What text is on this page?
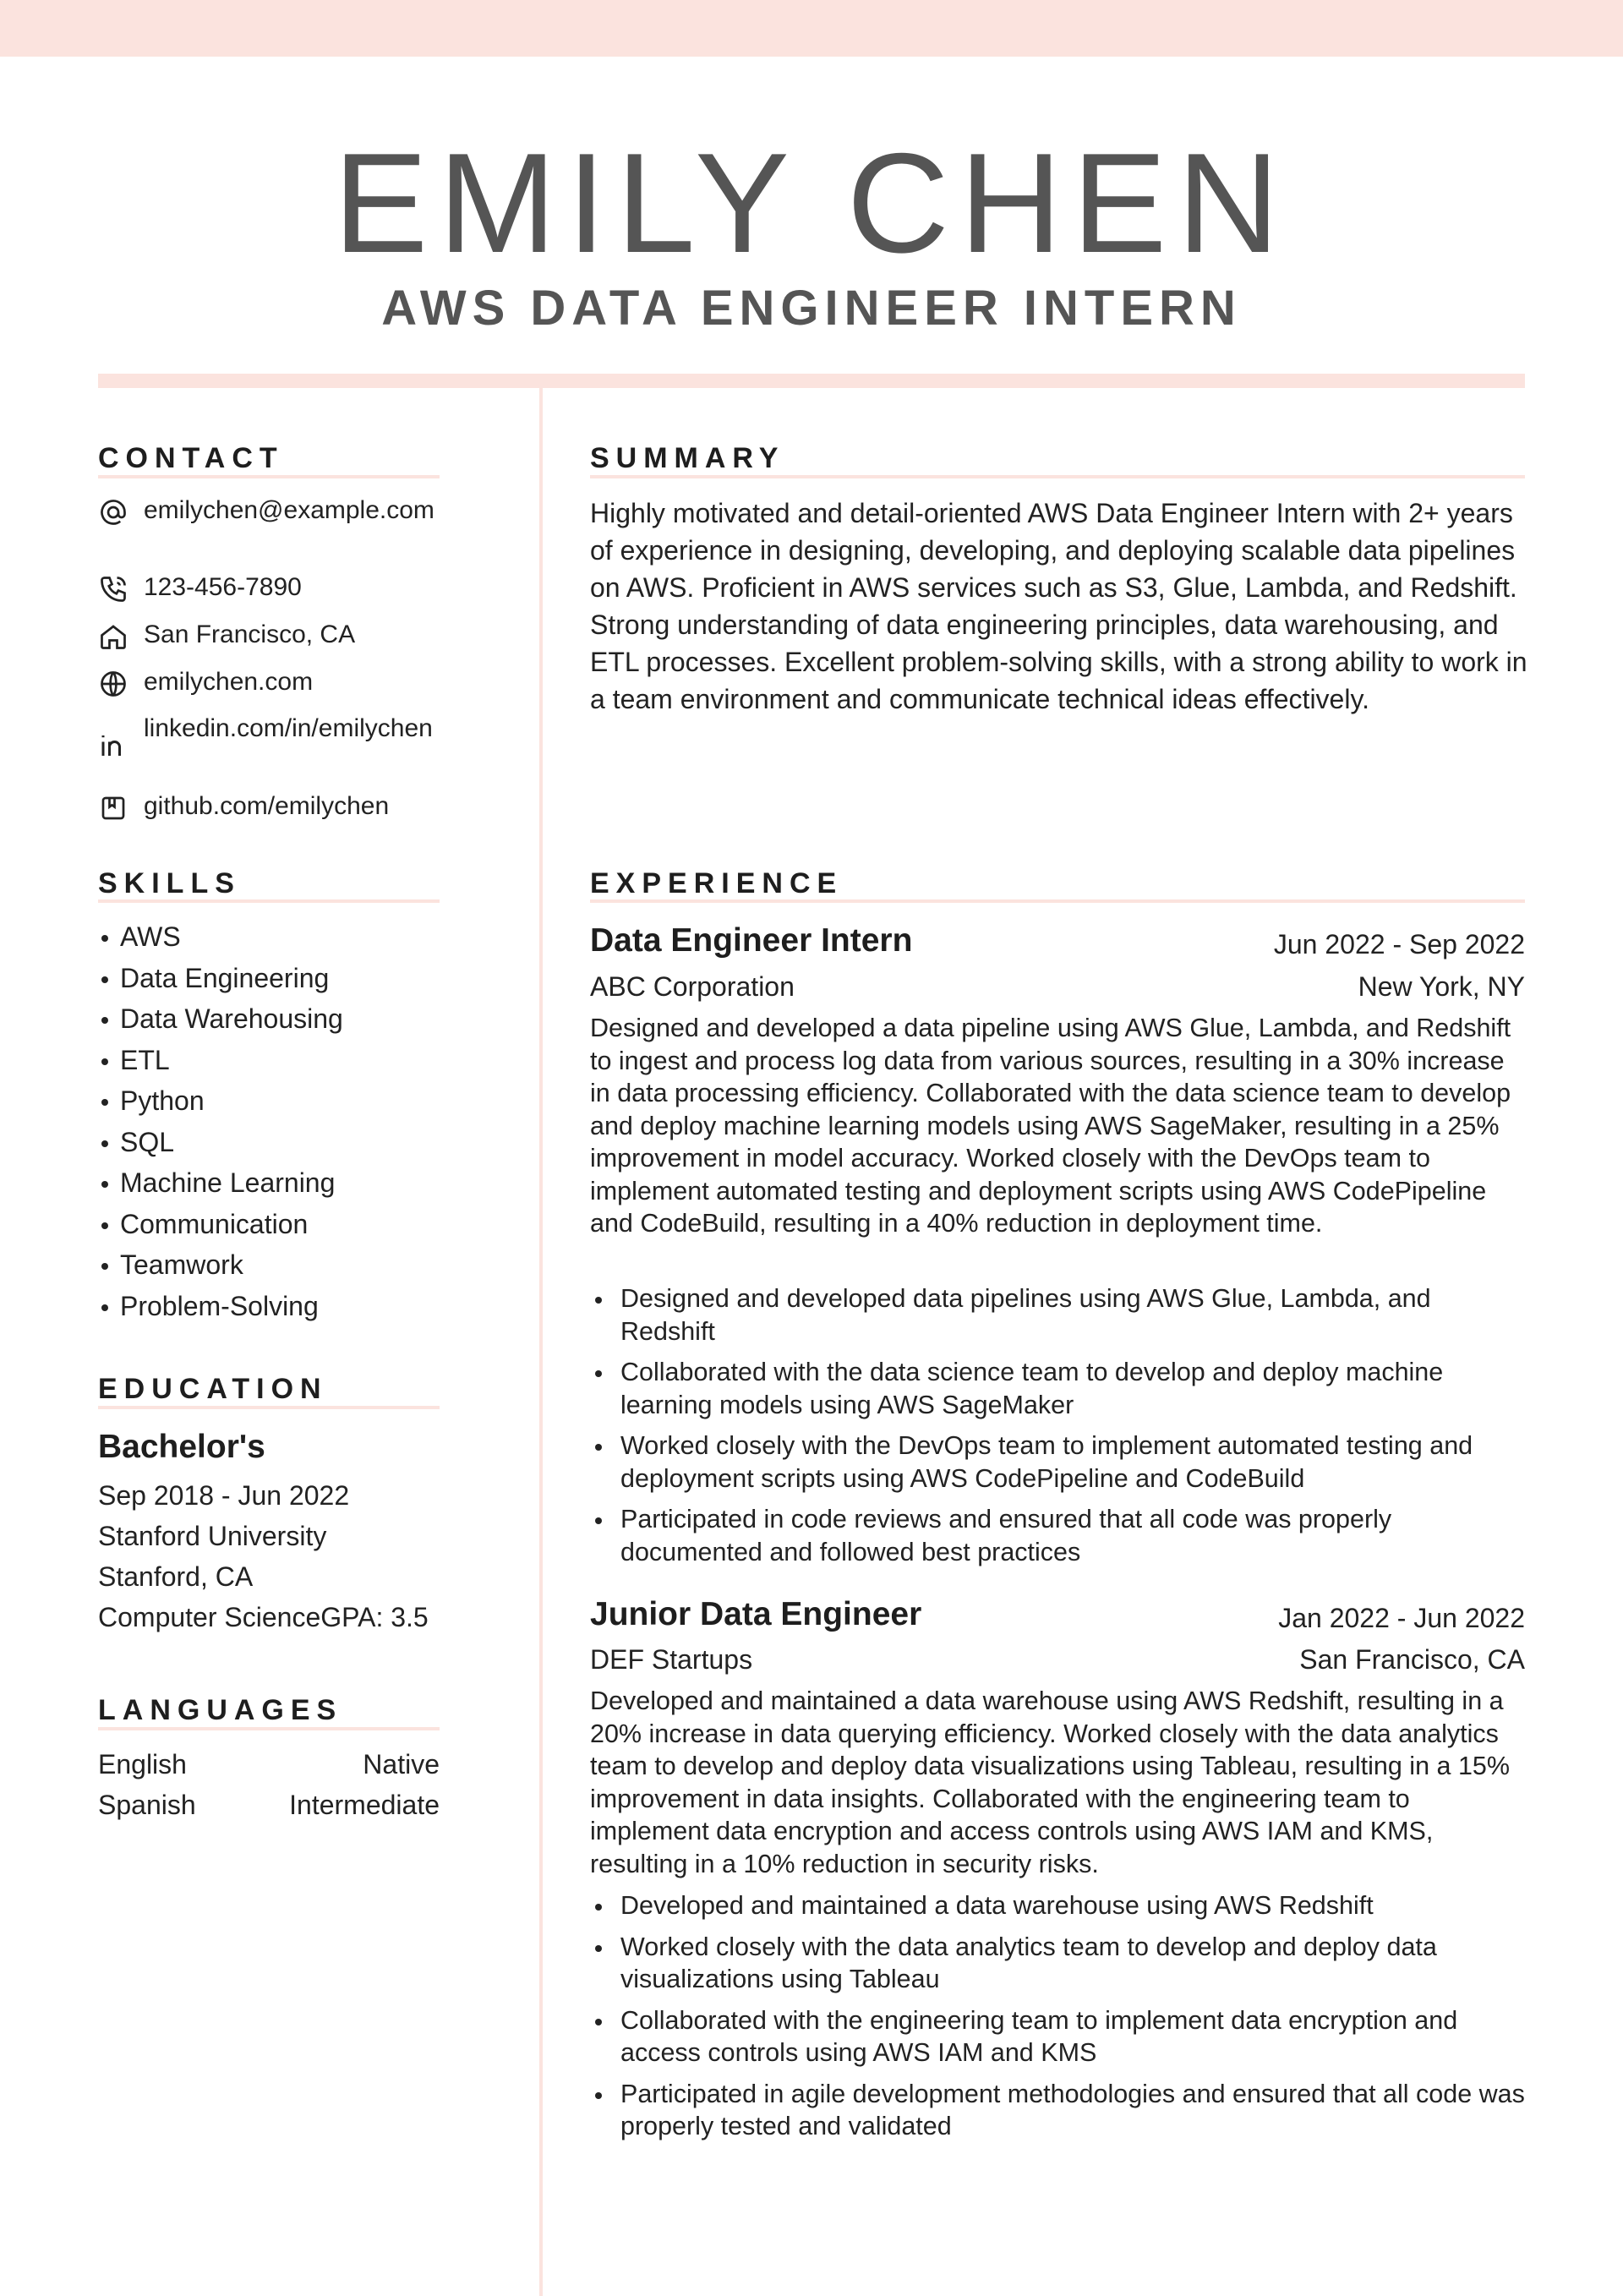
EMILY CHEN
AWS DATA ENGINEER INTERN
CONTACT
emilychen@example.com
123-456-7890
San Francisco, CA
emilychen.com
linkedin.com/in/emilychen
github.com/emilychen
SKILLS
AWS
Data Engineering
Data Warehousing
ETL
Python
SQL
Machine Learning
Communication
Teamwork
Problem-Solving
EDUCATION
Bachelor's
Sep 2018 - Jun 2022
Stanford University
Stanford, CA
Computer ScienceGPA: 3.5
LANGUAGES
English	Native
Spanish	Intermediate
SUMMARY

Highly motivated and detail-oriented AWS Data Engineer Intern with 2+ years of experience in designing, developing, and deploying scalable data pipelines on AWS. Proficient in AWS services such as S3, Glue, Lambda, and Redshift. Strong understanding of data engineering principles, data warehousing, and ETL processes. Excellent problem-solving skills, with a strong ability to work in a team environment and communicate technical ideas effectively.

EXPERIENCE
Data Engineer Intern	Jun 2022 - Sep 2022
ABC Corporation	New York, NY

Designed and developed a data pipeline using AWS Glue, Lambda, and Redshift to ingest and process log data from various sources, resulting in a 30% increase in data processing efficiency. Collaborated with the data science team to develop and deploy machine learning models using AWS SageMaker, resulting in a 25% improvement in model accuracy. Worked closely with the DevOps team to implement automated testing and deployment scripts using AWS CodePipeline and CodeBuild, resulting in a 40% reduction in deployment time.

Designed and developed data pipelines using AWS Glue, Lambda, and Redshift
Collaborated with the data science team to develop and deploy machine learning models using AWS SageMaker
Worked closely with the DevOps team to implement automated testing and deployment scripts using AWS CodePipeline and CodeBuild
Participated in code reviews and ensured that all code was properly documented and followed best practices
Junior Data Engineer	Jan 2022 - Jun 2022
DEF Startups	San Francisco, CA

Developed and maintained a data warehouse using AWS Redshift, resulting in a 20% increase in data querying efficiency. Worked closely with the data analytics team to develop and deploy data visualizations using Tableau, resulting in a 15% improvement in data insights. Collaborated with the engineering team to implement data encryption and access controls using AWS IAM and KMS, resulting in a 10% reduction in security risks.

Developed and maintained a data warehouse using AWS Redshift
Worked closely with the data analytics team to develop and deploy data visualizations using Tableau
Collaborated with the engineering team to implement data encryption and access controls using AWS IAM and KMS
Participated in agile development methodologies and ensured that all code was properly tested and validated
